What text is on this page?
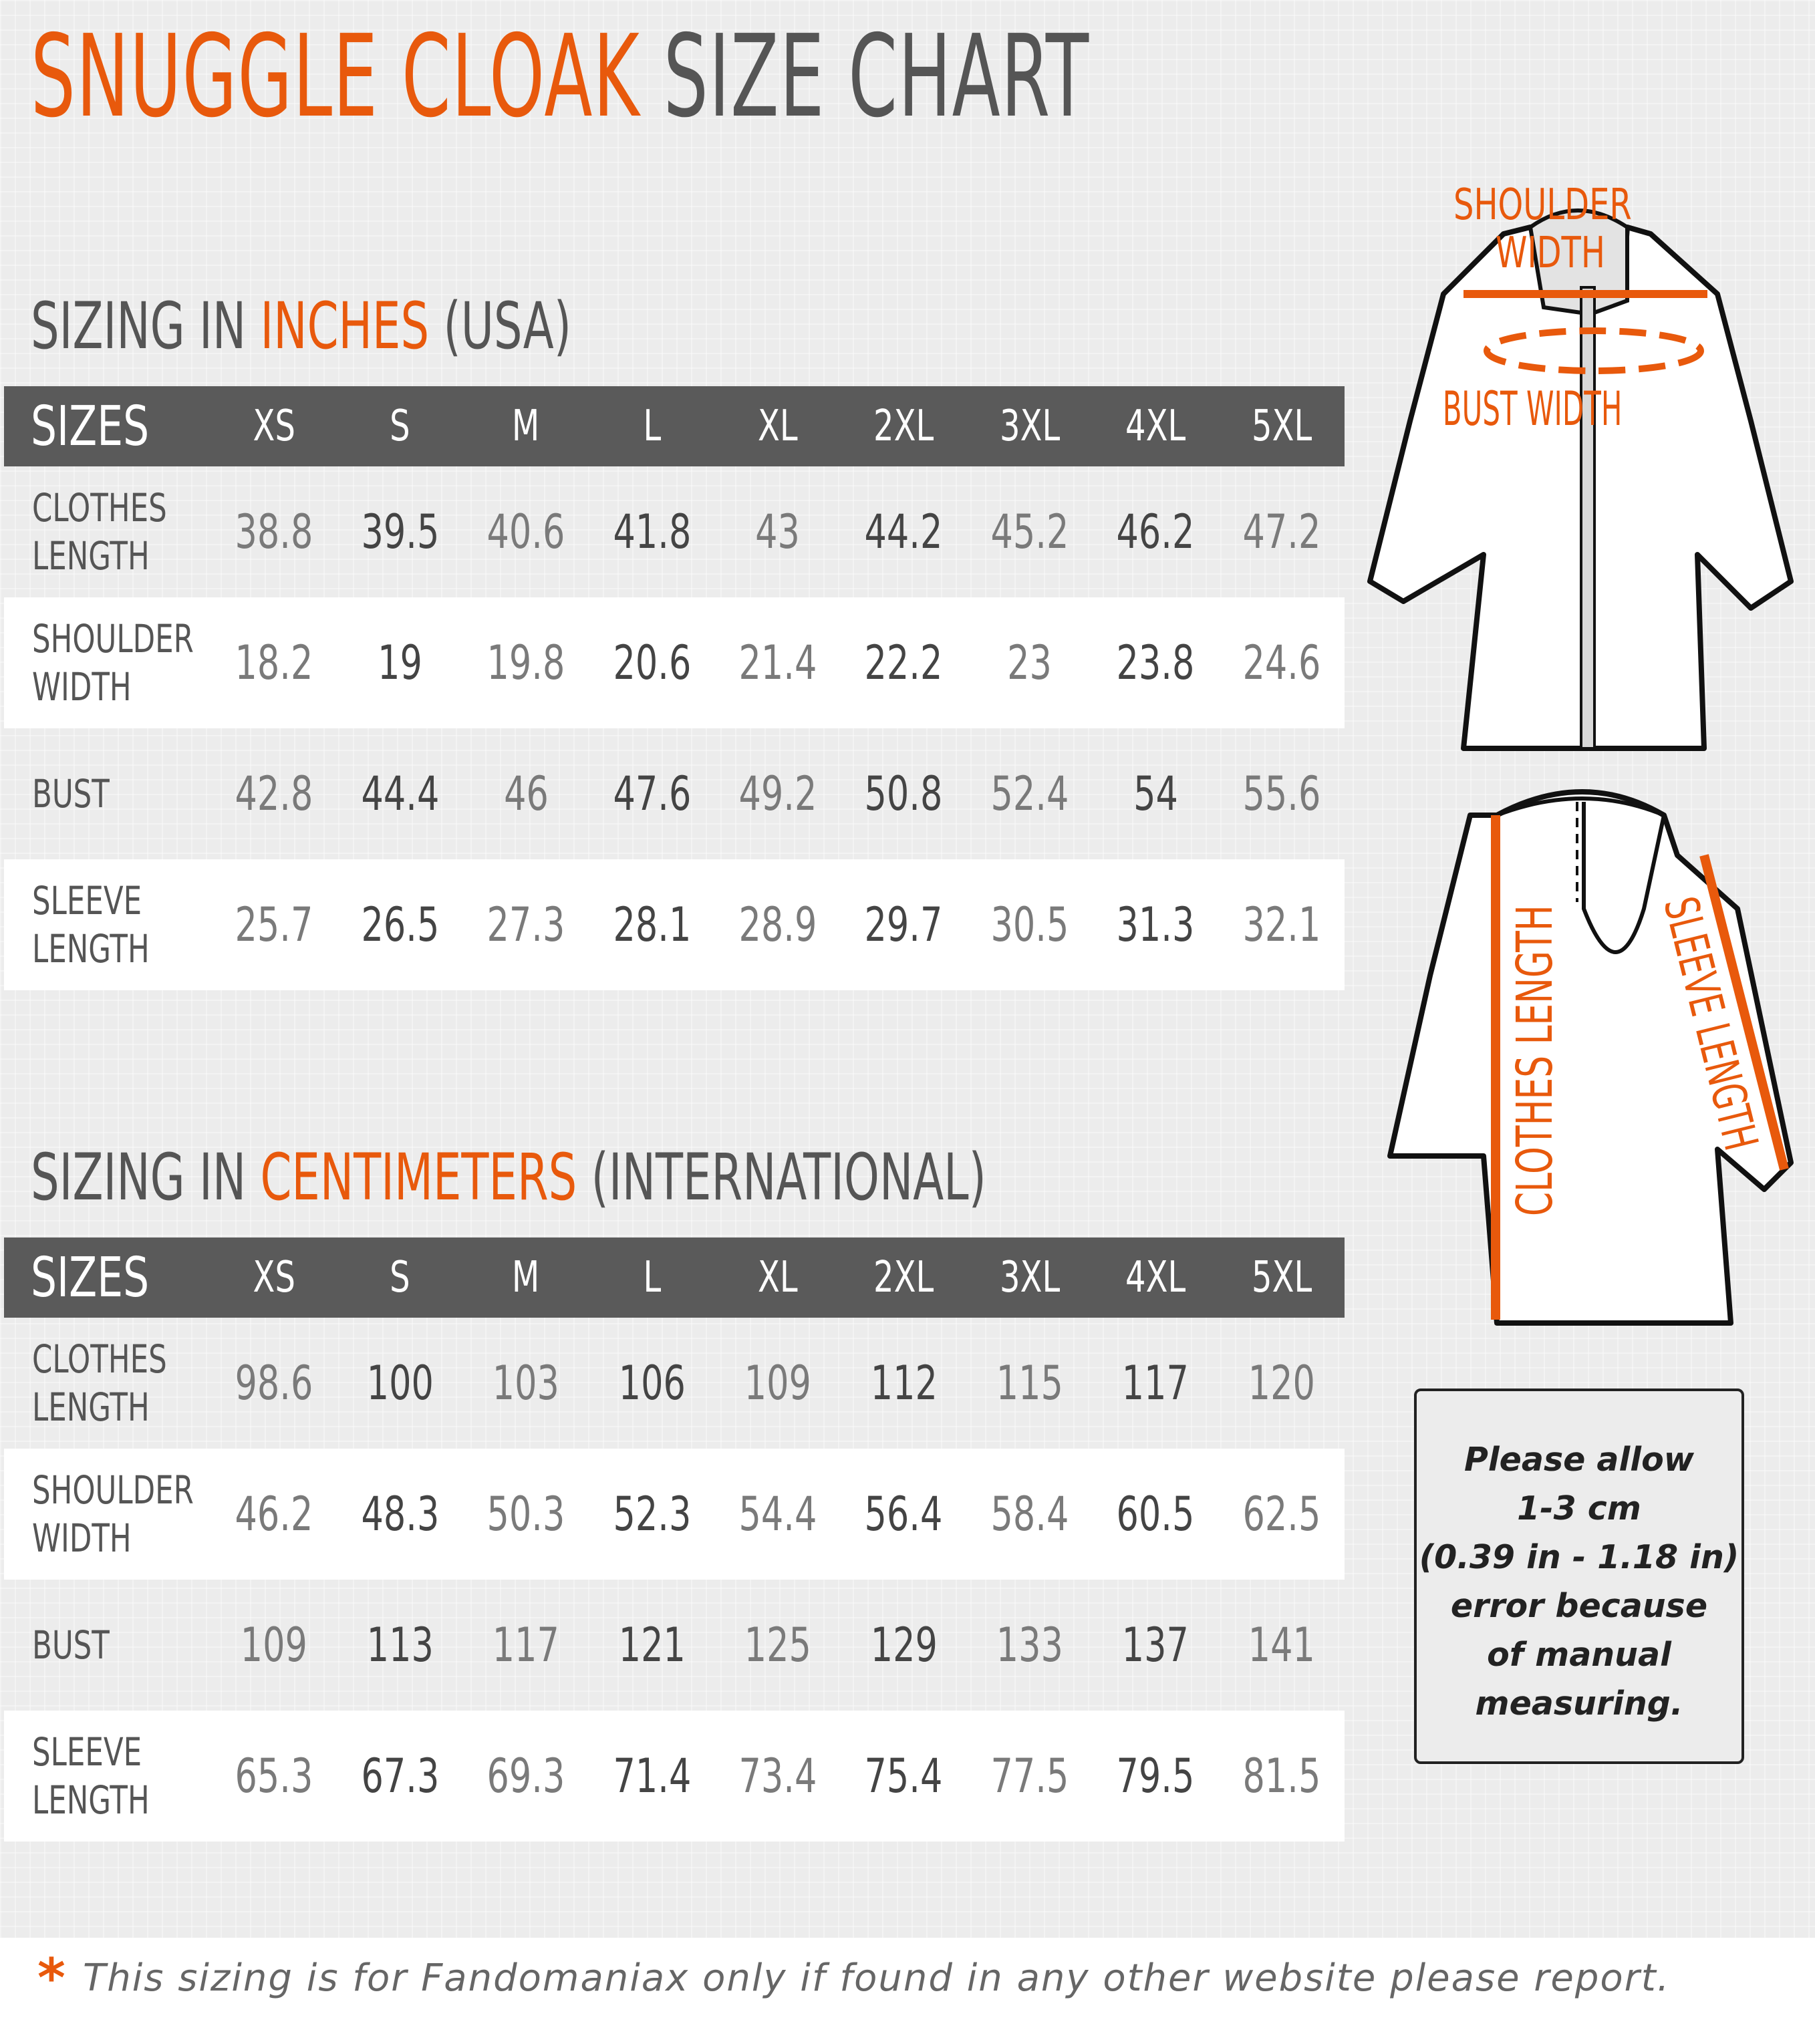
SNUGGLE CLOAK SIZE CHART
SIZING IN INCHES (USA)
SIZES	XS	S	M	L	XL	2XL	3XL	4XL	5XL
CLOTHES
LENGTH	38.8	39.5	40.6	41.8	43	44.2	45.2	46.2	47.2
SHOULDER
WIDTH	18.2	19	19.8	20.6	21.4	22.2	23	23.8	24.6
BUST	42.8	44.4	46	47.6	49.2	50.8	52.4	54	55.6
SLEEVE
LENGTH	25.7	26.5	27.3	28.1	28.9	29.7	30.5	31.3	32.1
SIZING IN CENTIMETERS (INTERNATIONAL)
SIZES	XS	S	M	L	XL	2XL	3XL	4XL	5XL
CLOTHES
LENGTH	98.6	100	103	106	109	112	115	117	120
SHOULDER
WIDTH	46.2	48.3	50.3	52.3	54.4	56.4	58.4	60.5	62.5
BUST	109	113	117	121	125	129	133	137	141
SLEEVE
LENGTH	65.3	67.3	69.3	71.4	73.4	75.4	77.5	79.5	81.5
SHOULDER
WIDTH
BUST WIDTH
CLOTHES LENGTH SLEEVE LENGTH
Please allow
1-3 cm
(0.39 in - 1.18 in)
error because
of manual
measuring.
* This sizing is for Fandomaniax only if found in any other website please report.
